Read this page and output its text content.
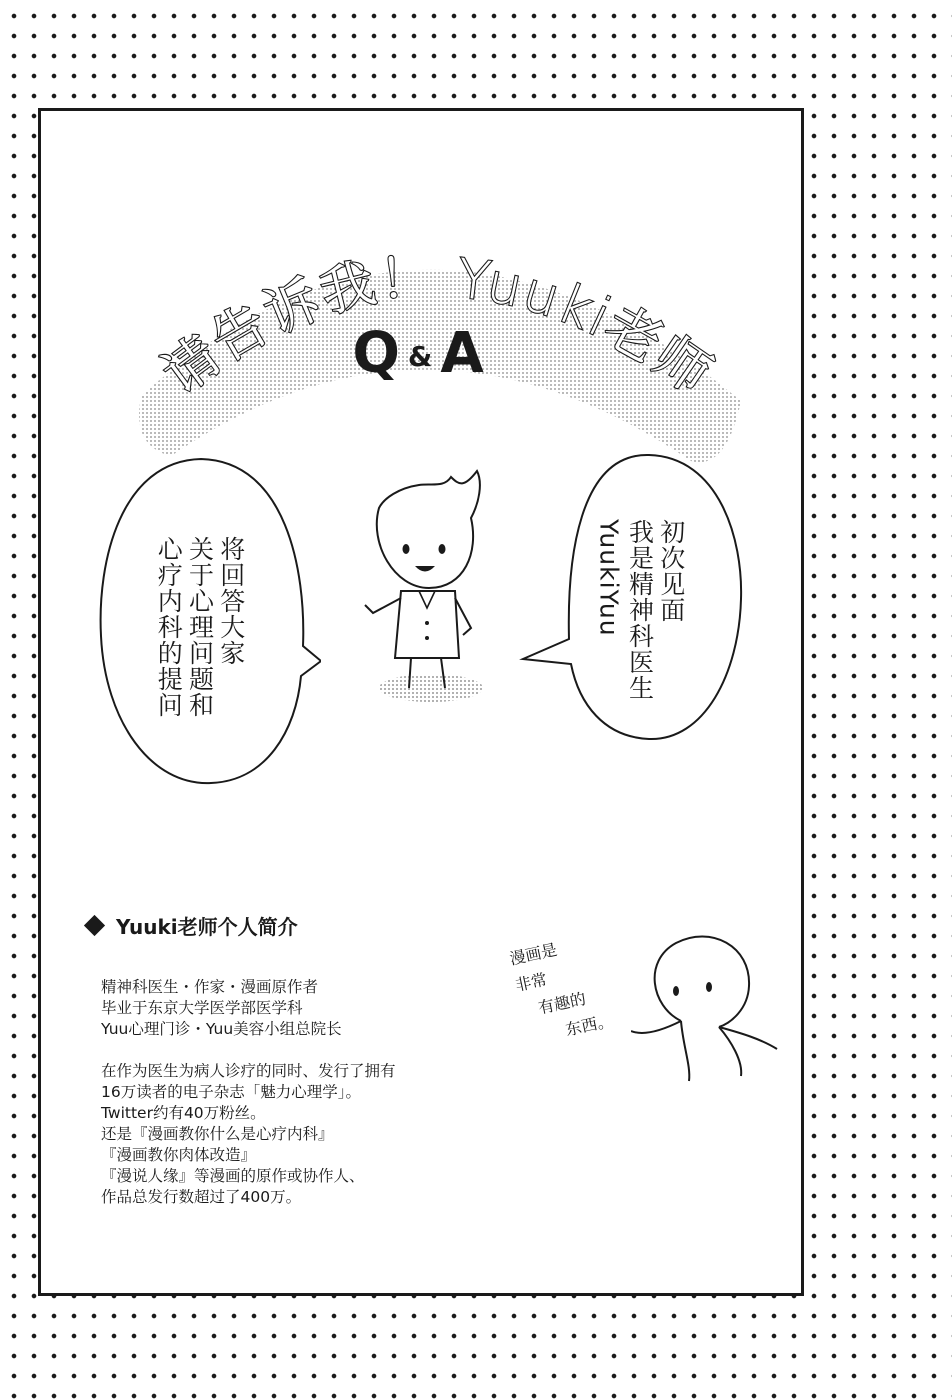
请告诉我！ Yuuki老师
Q&A
将回答大家
关于心理问题和
心疗内科的提问	初次见面
我是精神科医生
YuukiYuu
Yuuki老师个人简介
精神科医生・作家・漫画原作者
毕业于东京大学医学部医学科
Yuu心理门诊・Yuu美容小组总院长
在作为医生为病人诊疗的同时、发行了拥有
16万读者的电子杂志「魅力心理学」。
Twitter约有40万粉丝。
还是『漫画教你什么是心疗内科』
『漫画教你肉体改造』
『漫说人缘』等漫画的原作或协作人、
作品总发行数超过了400万。
漫画是
非常
有趣的
东西。
